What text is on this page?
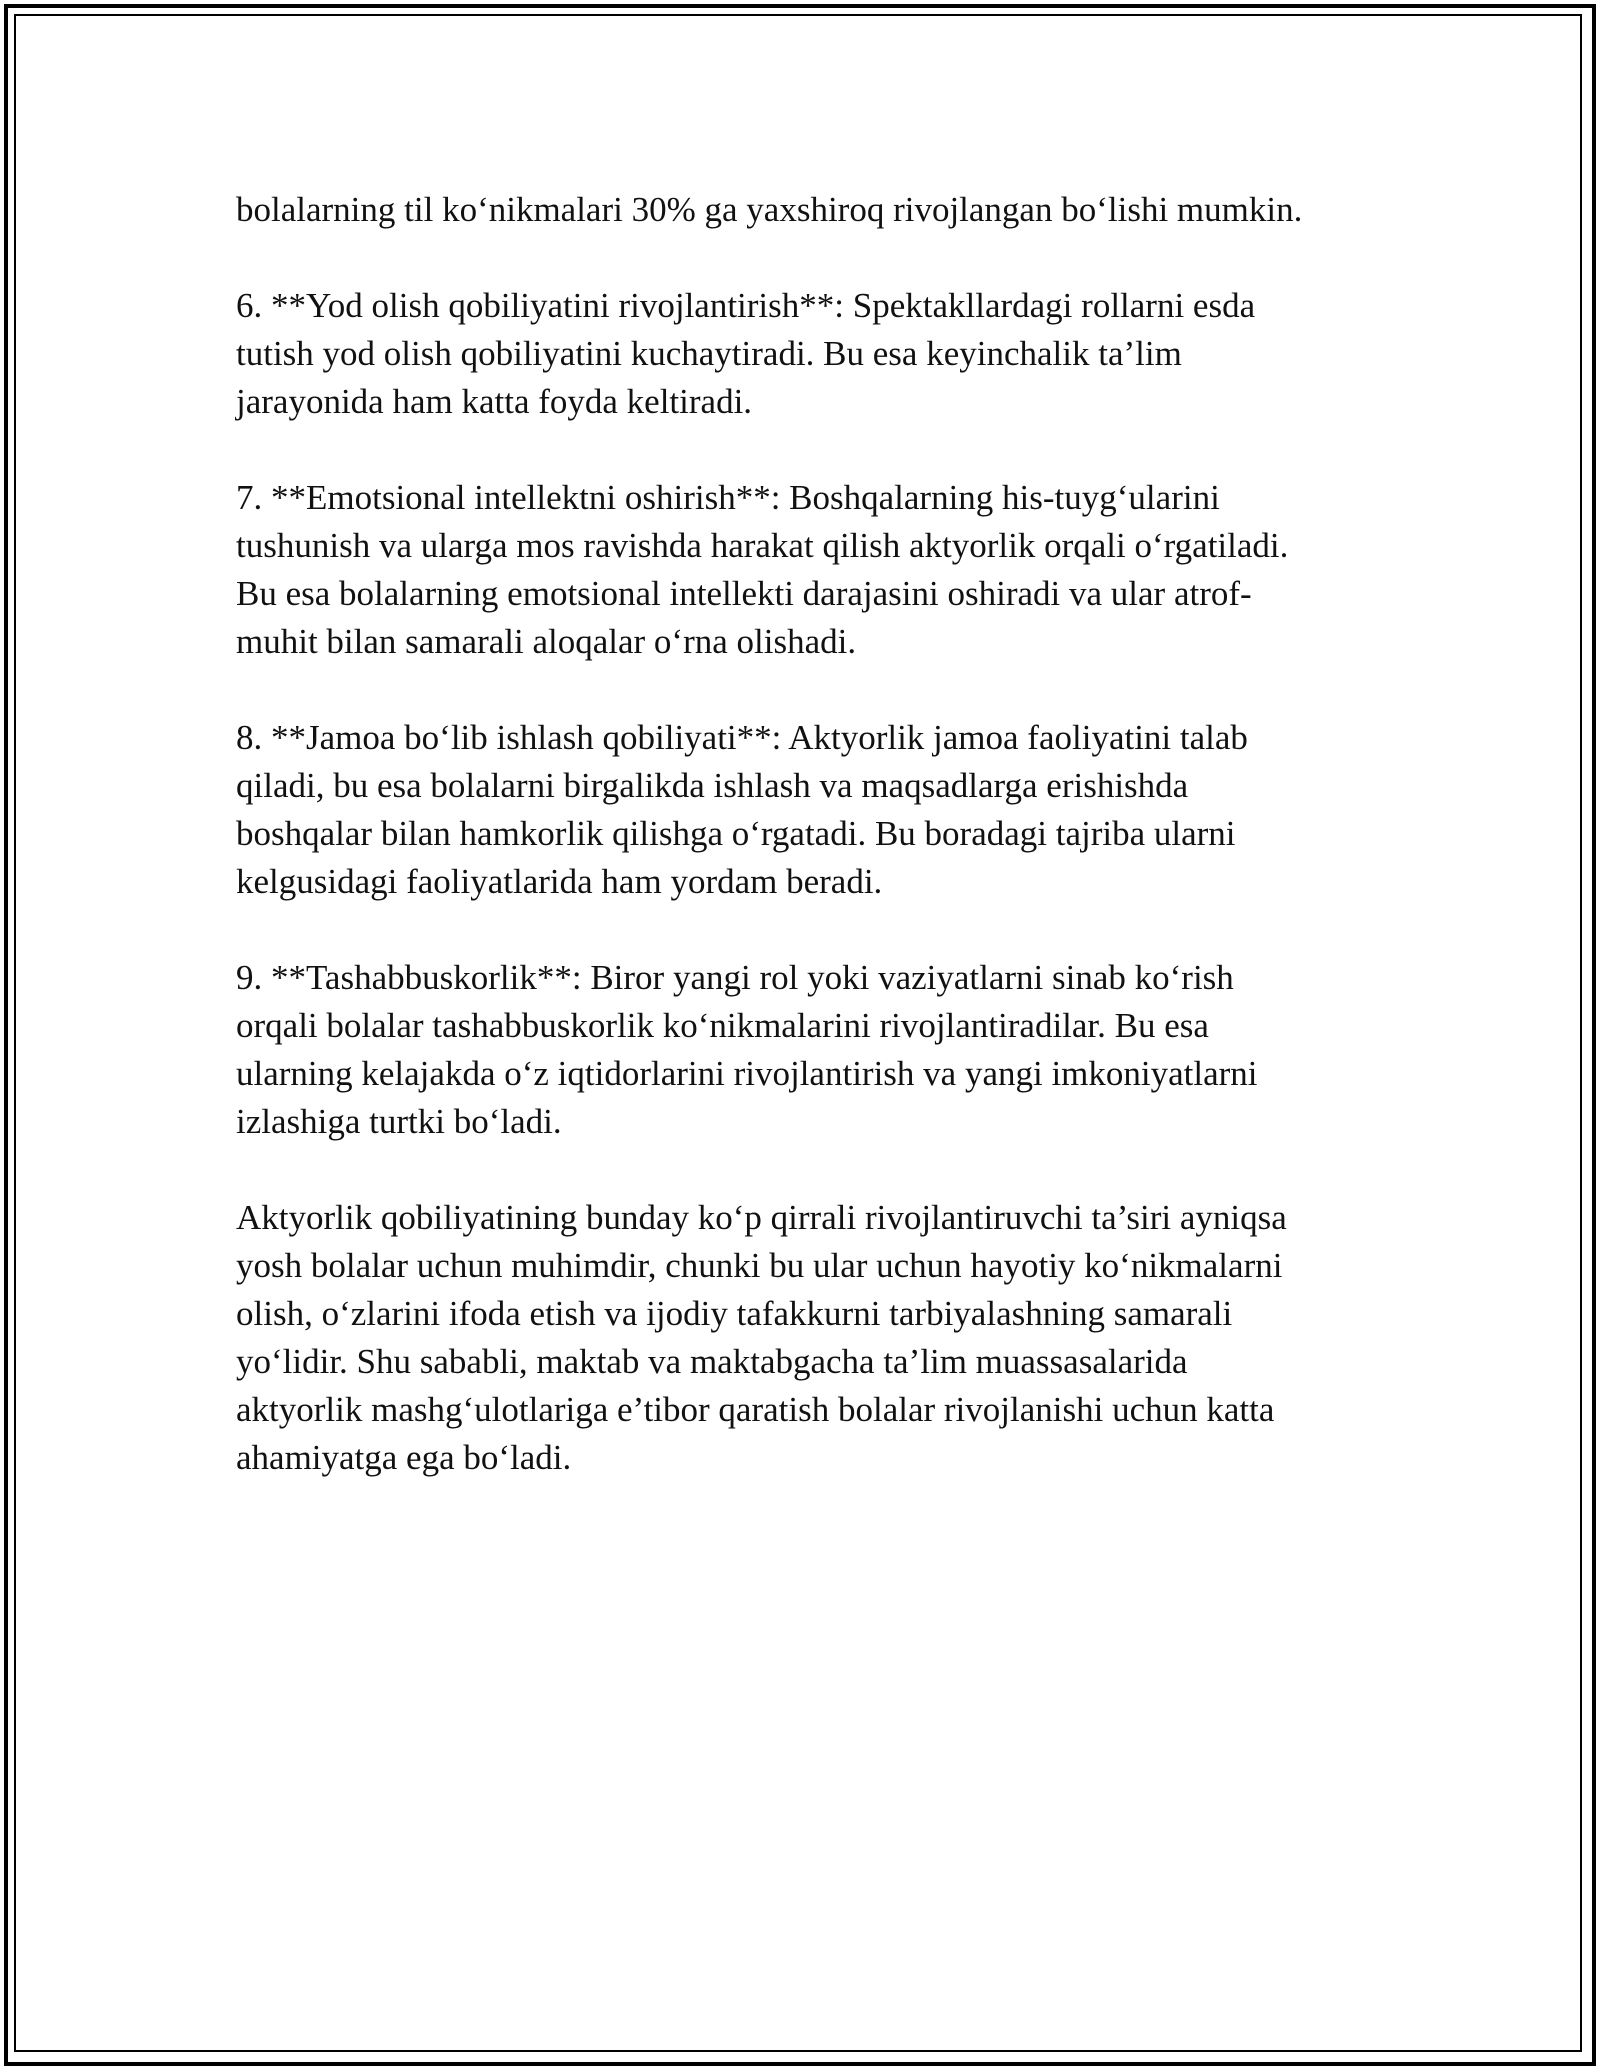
bolalarning til ko‘nikmalari 30% ga yaxshiroq rivojlangan bo‘lishi mumkin.

6. **Yod olish qobiliyatini rivojlantirish**: Spektakllardagi rollarni esda
tutish yod olish qobiliyatini kuchaytiradi. Bu esa keyinchalik ta’lim
jarayonida ham katta foyda keltiradi.

7. **Emotsional intellektni oshirish**: Boshqalarning his-tuyg‘ularini
tushunish va ularga mos ravishda harakat qilish aktyorlik orqali o‘rgatiladi.
Bu esa bolalarning emotsional intellekti darajasini oshiradi va ular atrof-
muhit bilan samarali aloqalar o‘rna olishadi.

8. **Jamoa bo‘lib ishlash qobiliyati**: Aktyorlik jamoa faoliyatini talab
qiladi, bu esa bolalarni birgalikda ishlash va maqsadlarga erishishda
boshqalar bilan hamkorlik qilishga o‘rgatadi. Bu boradagi tajriba ularni
kelgusidagi faoliyatlarida ham yordam beradi.

9. **Tashabbuskorlik**: Biror yangi rol yoki vaziyatlarni sinab ko‘rish
orqali bolalar tashabbuskorlik ko‘nikmalarini rivojlantiradilar. Bu esa
ularning kelajakda o‘z iqtidorlarini rivojlantirish va yangi imkoniyatlarni
izlashiga turtki bo‘ladi.

Aktyorlik qobiliyatining bunday ko‘p qirrali rivojlantiruvchi ta’siri ayniqsa
yosh bolalar uchun muhimdir, chunki bu ular uchun hayotiy ko‘nikmalarni
olish, o‘zlarini ifoda etish va ijodiy tafakkurni tarbiyalashning samarali
yo‘lidir. Shu sababli, maktab va maktabgacha ta’lim muassasalarida
aktyorlik mashg‘ulotlariga e’tibor qaratish bolalar rivojlanishi uchun katta
ahamiyatga ega bo‘ladi.
